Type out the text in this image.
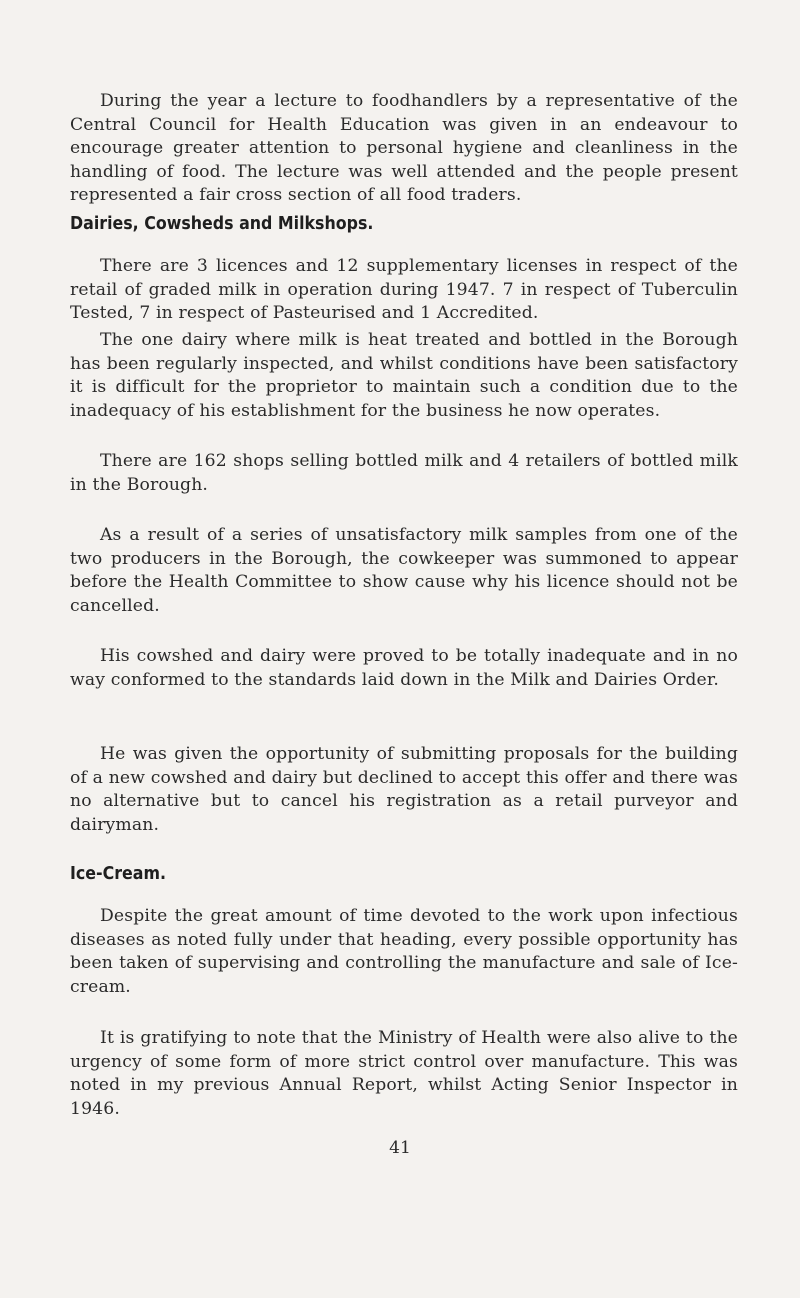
During the year a lecture to foodhandlers by a representative of the Central Council for Health Education was given in an endeavour to encourage greater attention to personal hygiene and cleanliness in the handling of food. The lecture was well attended and the people present represented a fair cross section of all food traders.

Dairies, Cowsheds and Milkshops.

There are 3 licences and 12 supplementary licenses in respect of the retail of graded milk in operation during 1947. 7 in respect of Tuberculin Tested, 7 in respect of Pasteurised and 1 Accredited.

The one dairy where milk is heat treated and bottled in the Borough has been regularly inspected, and whilst conditions have been satisfactory it is difficult for the proprietor to maintain such a condition due to the inadequacy of his establishment for the business he now operates.

There are 162 shops selling bottled milk and 4 retailers of bottled milk in the Borough.

As a result of a series of unsatisfactory milk samples from one of the two producers in the Borough, the cowkeeper was summoned to appear before the Health Committee to show cause why his licence should not be cancelled.

His cowshed and dairy were proved to be totally inadequate and in no way conformed to the standards laid down in the Milk and Dairies Order.

He was given the opportunity of submitting proposals for the building of a new cowshed and dairy but declined to accept this offer and there was no alternative but to cancel his registration as a retail purveyor and dairyman.

Ice-Cream.

Despite the great amount of time devoted to the work upon infectious diseases as noted fully under that heading, every possible opportunity has been taken of supervising and controlling the manufacture and sale of Ice-cream.

It is gratifying to note that the Ministry of Health were also alive to the urgency of some form of more strict control over manufacture. This was noted in my previous Annual Report, whilst Acting Senior Inspector in 1946.

41
